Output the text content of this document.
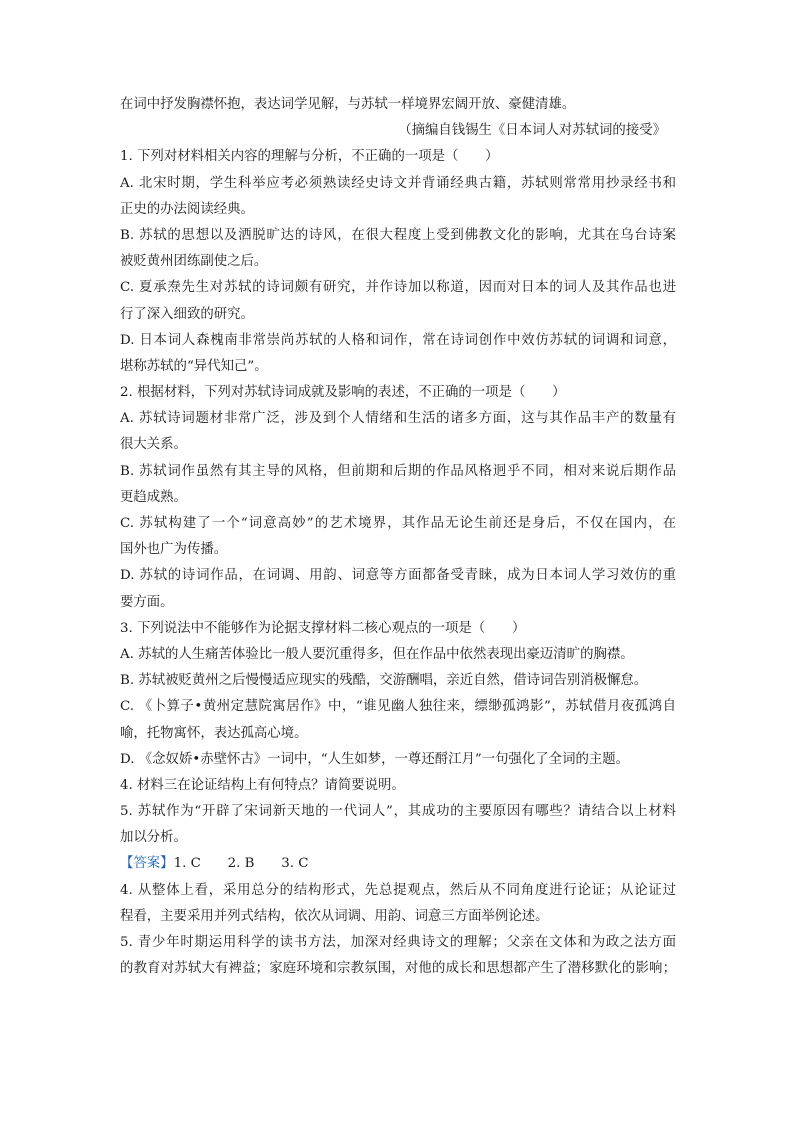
在词中抒发胸襟怀抱，表达词学见解，与苏轼一样境界宏阔开放、豪健清雄。
（摘编自钱锡生《日本词人对苏轼词的接受》
1. 下列对材料相关内容的理解与分析，不正确的一项是（　　）
A. 北宋时期，学生科举应考必须熟读经史诗文并背诵经典古籍，苏轼则常常用抄录经书和
正史的办法阅读经典。
B. 苏轼的思想以及洒脱旷达的诗风，在很大程度上受到佛教文化的影响，尤其在乌台诗案
被贬黄州团练副使之后。
C. 夏承焘先生对苏轼的诗词颇有研究，并作诗加以称道，因而对日本的词人及其作品也进
行了深入细致的研究。
D. 日本词人森槐南非常崇尚苏轼的人格和词作，常在诗词创作中效仿苏轼的词调和词意，
堪称苏轼的“异代知己”。
2. 根据材料，下列对苏轼诗词成就及影响的表述，不正确的一项是（　　）
A. 苏轼诗词题材非常广泛，涉及到个人情绪和生活的诸多方面，这与其作品丰产的数量有
很大关系。
B. 苏轼词作虽然有其主导的风格，但前期和后期的作品风格迥乎不同，相对来说后期作品
更趋成熟。
C. 苏轼构建了一个“词意高妙”的艺术境界，其作品无论生前还是身后，不仅在国内，在
国外也广为传播。
D. 苏轼的诗词作品，在词调、用韵、词意等方面都备受青睐，成为日本词人学习效仿的重
要方面。
3. 下列说法中不能够作为论据支撑材料二核心观点的一项是（　　）
A. 苏轼的人生痛苦体验比一般人要沉重得多，但在作品中依然表现出豪迈清旷的胸襟。
B. 苏轼被贬黄州之后慢慢适应现实的残酷，交游酬唱，亲近自然，借诗词告别消极懈怠。
C. 《卜算子•黄州定慧院寓居作》中，“谁见幽人独往来，缥缈孤鸿影”，苏轼借月夜孤鸿自
喻，托物寓怀，表达孤高心境。
D. 《念奴娇•赤壁怀古》一词中，“人生如梦，一尊还酹江月”一句强化了全词的主题。
4. 材料三在论证结构上有何特点？请简要说明。
5. 苏轼作为“开辟了宋词新天地的一代词人”，其成功的主要原因有哪些？请结合以上材料
加以分析。
【答案】1. C　　2. B　　3. C
4. 从整体上看，采用总分的结构形式，先总提观点，然后从不同角度进行论证；从论证过
程看，主要采用并列式结构，依次从词调、用韵、词意三方面举例论述。
5. 青少年时期运用科学的读书方法，加深对经典诗文的理解；父亲在文体和为政之法方面
的教育对苏轼大有裨益；家庭环境和宗教氛围，对他的成长和思想都产生了潜移默化的影响；
